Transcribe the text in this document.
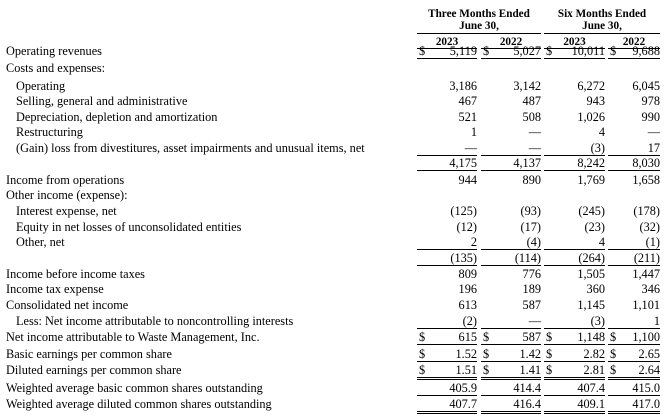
Three Months Ended
June 30,
Six Months Ended
June 30,
2023	2022	2023	2022
Operating revenues	$ 5,119 $ 5,027 $ 10,011 $ 9,688
Costs and expenses:
Operating	3,186	3,142	6,272 6,045
Selling, general and administrative	467	487	943	978
Depreciation, depletion and amortization	521	508	1,026	990
Restructuring	1	—	4	—
(Gain) loss from divestitures, asset impairments and unusual items, net	—	—	(3)	17
4,175	4,137	8,242 8,030
Income from operations	944	890	1,769 1,658
Other income (expense):
Interest expense, net	(125)	(93)	(245) (178)
Equity in net losses of unconsolidated entities	(12)	(17)	(23)	(32)
Other, net	2	(4)	4	(1)
(135)	(114)	(264) (211)
Income before income taxes	809	776	1,505 1,447
Income tax expense	196	189	360	346
Consolidated net income	613	587	1,145 1,101
Less: Net income attributable to noncontrolling interests	(2)	—	(3)	1
Net income attributable to Waste Management, Inc.	$	615 $	587 $ 1,148 $ 1,100
Basic earnings per common share	$ 1.52 $ 1.42 $	2.82 $ 2.65
Diluted earnings per common share	$ 1.51 $ 1.41 $	2.81 $ 2.64
Weighted average basic common shares outstanding	405.9	414.4	407.4 415.0
Weighted average diluted common shares outstanding	407.7	416.4	409.1 417.0
